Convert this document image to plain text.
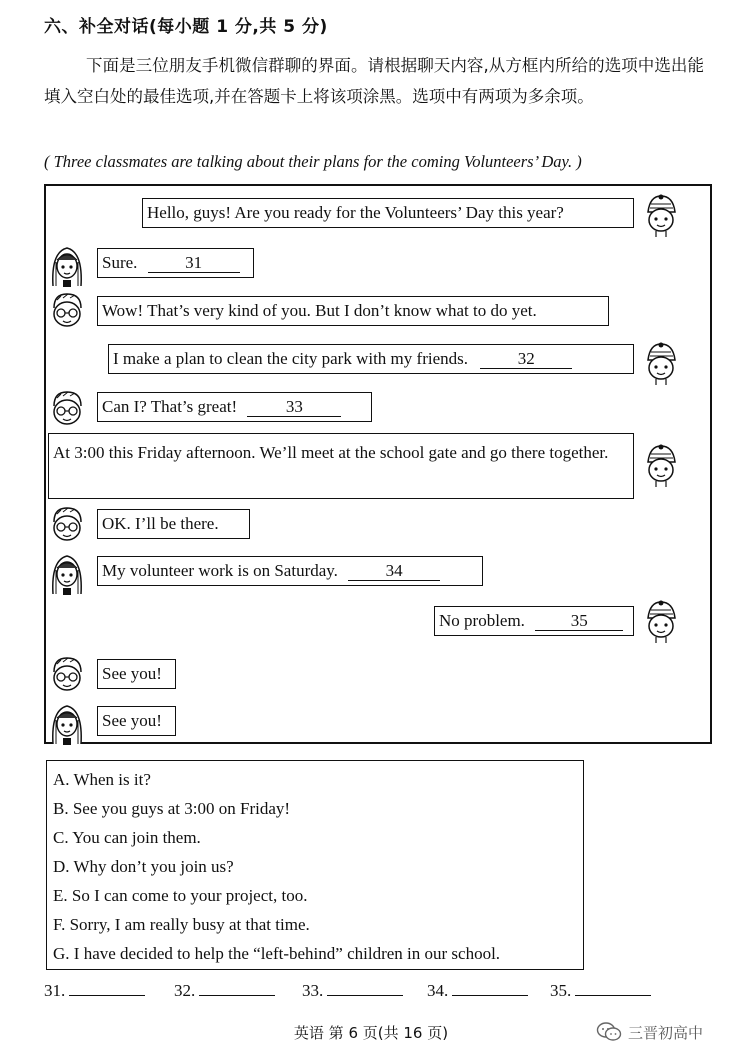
六、补全对话(每小题 1 分,共 5 分)
下面是三位朋友手机微信群聊的界面。请根据聊天内容,从方框内所给的选项中选出能填入空白处的最佳选项,并在答题卡上将该项涂黑。选项中有两项为多余项。
( Three classmates are talking about their plans for the coming Volunteers’ Day. )
Hello, guys! Are you ready for the Volunteers’ Day this year?
Sure.	31
Wow! That’s very kind of you. But I don’t know what to do yet.
I make a plan to clean the city park with my friends.	32
Can I? That’s great!	33
At 3:00 this Friday afternoon. We’ll meet at the school gate and go there together.
OK. I’ll be there.
My volunteer work is on Saturday.	34
No problem.	35
See you!
See you!
A. When is it?
B. See you guys at 3:00 on Friday!
C. You can join them.
D. Why don’t you join us?
E. So I can come to your project, too.
F. Sorry, I am really busy at that time.
G. I have decided to help the “left-behind” children in our school.
31.	32.	33.	34.	35.
英语 第 6 页(共 16 页)	三晋初高中
